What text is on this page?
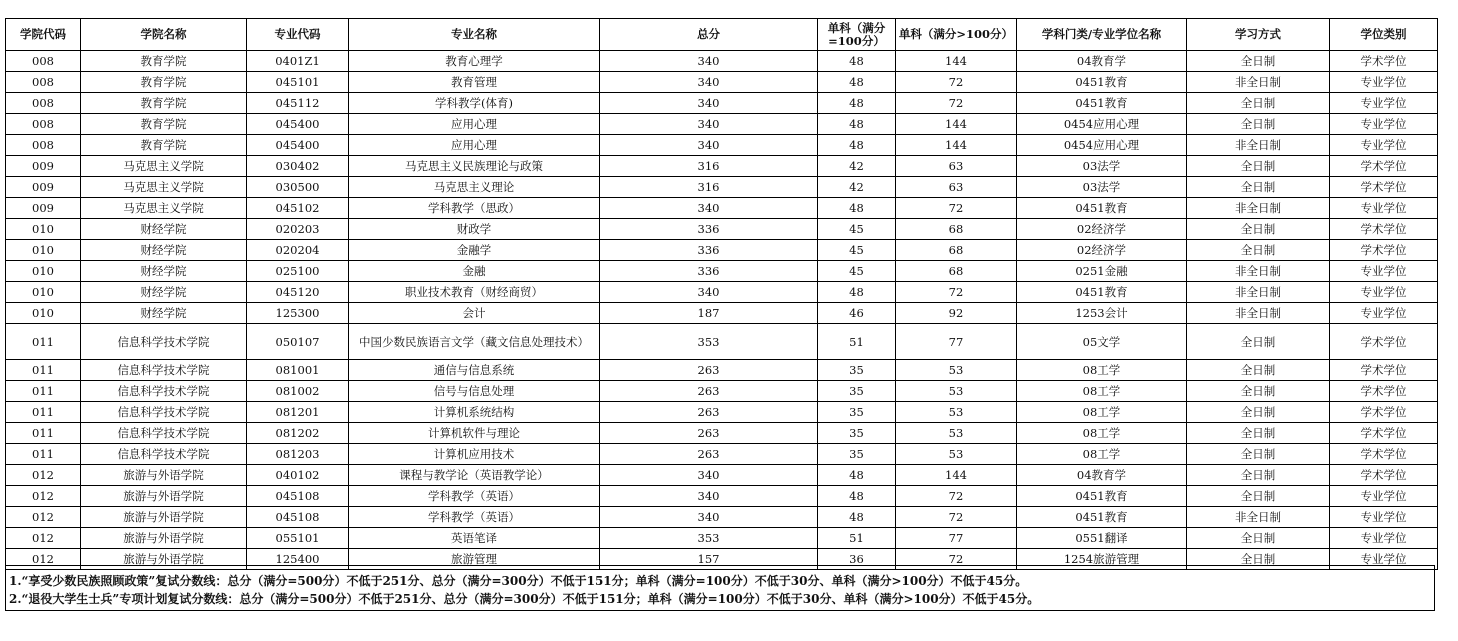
学院代码	学院名称	专业代码	专业名称	总分	单科（满分=100分）	单科（满分>100分）	学科门类/专业学位名称	学习方式	学位类别
008	教育学院	0401Z1	教育心理学	340	48	144	04教育学	全日制	学术学位
008	教育学院	045101	教育管理	340	48	72	0451教育	非全日制	专业学位
008	教育学院	045112	学科教学(体育)	340	48	72	0451教育	全日制	专业学位
008	教育学院	045400	应用心理	340	48	144	0454应用心理	全日制	专业学位
008	教育学院	045400	应用心理	340	48	144	0454应用心理	非全日制	专业学位
009	马克思主义学院	030402	马克思主义民族理论与政策	316	42	63	03法学	全日制	学术学位
009	马克思主义学院	030500	马克思主义理论	316	42	63	03法学	全日制	学术学位
009	马克思主义学院	045102	学科教学（思政）	340	48	72	0451教育	非全日制	专业学位
010	财经学院	020203	财政学	336	45	68	02经济学	全日制	学术学位
010	财经学院	020204	金融学	336	45	68	02经济学	全日制	学术学位
010	财经学院	025100	金融	336	45	68	0251金融	非全日制	专业学位
010	财经学院	045120	职业技术教育（财经商贸）	340	48	72	0451教育	非全日制	专业学位
010	财经学院	125300	会计	187	46	92	1253会计	非全日制	专业学位
011	信息科学技术学院	050107	中国少数民族语言文学（藏文信息处理技术）	353	51	77	05文学	全日制	学术学位
011	信息科学技术学院	081001	通信与信息系统	263	35	53	08工学	全日制	学术学位
011	信息科学技术学院	081002	信号与信息处理	263	35	53	08工学	全日制	学术学位
011	信息科学技术学院	081201	计算机系统结构	263	35	53	08工学	全日制	学术学位
011	信息科学技术学院	081202	计算机软件与理论	263	35	53	08工学	全日制	学术学位
011	信息科学技术学院	081203	计算机应用技术	263	35	53	08工学	全日制	学术学位
012	旅游与外语学院	040102	课程与教学论（英语教学论）	340	48	144	04教育学	全日制	学术学位
012	旅游与外语学院	045108	学科教学（英语）	340	48	72	0451教育	全日制	专业学位
012	旅游与外语学院	045108	学科教学（英语）	340	48	72	0451教育	非全日制	专业学位
012	旅游与外语学院	055101	英语笔译	353	51	77	0551翻译	全日制	专业学位
012	旅游与外语学院	125400	旅游管理	157	36	72	1254旅游管理	全日制	专业学位
1.“享受少数民族照顾政策”复试分数线：总分（满分=500分）不低于251分、总分（满分=300分）不低于151分；单科（满分=100分）不低于30分、单科（满分>100分）不低于45分。
2.“退役大学生士兵”专项计划复试分数线：总分（满分=500分）不低于251分、总分（满分=300分）不低于151分；单科（满分=100分）不低于30分、单科（满分>100分）不低于45分。
